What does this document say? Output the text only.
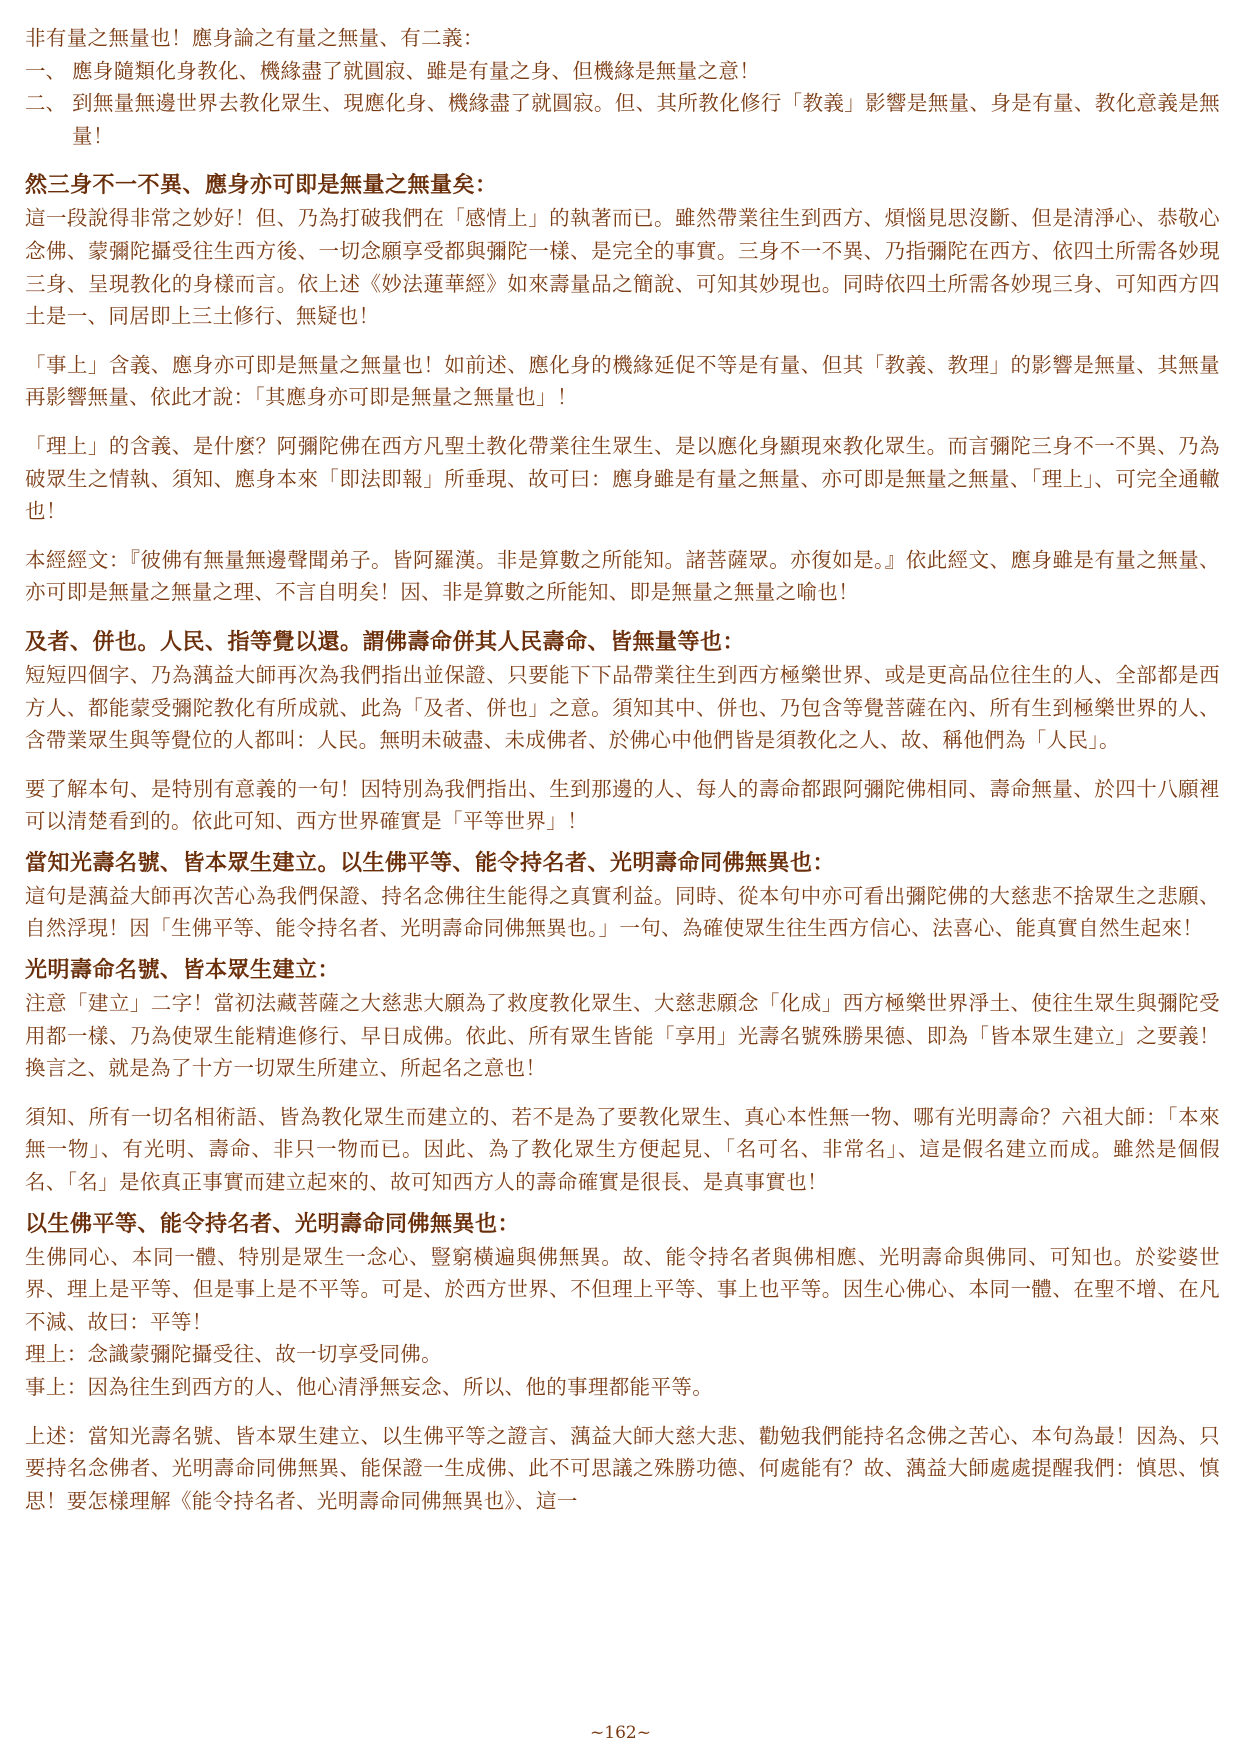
非有量之無量也！應身論之有量之無量、有二義：

一、 應身隨類化身教化、機緣盡了就圓寂、雖是有量之身、但機緣是無量之意！

二、 到無量無邊世界去教化眾生、現應化身、機緣盡了就圓寂。但、其所教化修行「教義」影響是無量、身是有量、教化意義是無量！

然三身不一不異、應身亦可即是無量之無量矣：

這一段說得非常之妙好！但、乃為打破我們在「感情上」的執著而已。雖然帶業往生到西方、煩惱見思沒斷、但是清淨心、恭敬心念佛、蒙彌陀攝受往生西方後、一切念願享受都與彌陀一樣、是完全的事實。三身不一不異、乃指彌陀在西方、依四土所需各妙現三身、呈現教化的身樣而言。依上述《妙法蓮華經》如來壽量品之簡說、可知其妙現也。同時依四土所需各妙現三身、可知西方四土是一、同居即上三土修行、無疑也！

「事上」含義、應身亦可即是無量之無量也！如前述、應化身的機緣延促不等是有量、但其「教義、教理」的影響是無量、其無量再影響無量、依此才說：「其應身亦可即是無量之無量也」！

「理上」的含義、是什麼？阿彌陀佛在西方凡聖土教化帶業往生眾生、是以應化身顯現來教化眾生。而言彌陀三身不一不異、乃為破眾生之情執、須知、應身本來「即法即報」所垂現、故可曰：應身雖是有量之無量、亦可即是無量之無量、「理上」、可完全通轍也！

本經經文：『彼佛有無量無邊聲聞弟子。皆阿羅漢。非是算數之所能知。諸菩薩眾。亦復如是。』依此經文、應身雖是有量之無量、亦可即是無量之無量之理、不言自明矣！因、非是算數之所能知、即是無量之無量之喻也！

及者、併也。人民、指等覺以還。謂佛壽命併其人民壽命、皆無量等也：

短短四個字、乃為蕅益大師再次為我們指出並保證、只要能下下品帶業往生到西方極樂世界、或是更高品位往生的人、全部都是西方人、都能蒙受彌陀教化有所成就、此為「及者、併也」之意。須知其中、併也、乃包含等覺菩薩在內、所有生到極樂世界的人、含帶業眾生與等覺位的人都叫：人民。無明未破盡、未成佛者、於佛心中他們皆是須教化之人、故、稱他們為「人民」。

要了解本句、是特別有意義的一句！因特別為我們指出、生到那邊的人、每人的壽命都跟阿彌陀佛相同、壽命無量、於四十八願裡可以清楚看到的。依此可知、西方世界確實是「平等世界」！

當知光壽名號、皆本眾生建立。以生佛平等、能令持名者、光明壽命同佛無異也：

這句是蕅益大師再次苦心為我們保證、持名念佛往生能得之真實利益。同時、從本句中亦可看出彌陀佛的大慈悲不捨眾生之悲願、自然浮現！因「生佛平等、能令持名者、光明壽命同佛無異也。」一句、為確使眾生往生西方信心、法喜心、能真實自然生起來！

光明壽命名號、皆本眾生建立：

注意「建立」二字！當初法藏菩薩之大慈悲大願為了救度教化眾生、大慈悲願念「化成」西方極樂世界淨土、使往生眾生與彌陀受用都一樣、乃為使眾生能精進修行、早日成佛。依此、所有眾生皆能「享用」光壽名號殊勝果德、即為「皆本眾生建立」之要義！換言之、就是為了十方一切眾生所建立、所起名之意也！

須知、所有一切名相術語、皆為教化眾生而建立的、若不是為了要教化眾生、真心本性無一物、哪有光明壽命？六祖大師：「本來無一物」、有光明、壽命、非只一物而已。因此、為了教化眾生方便起見、「名可名、非常名」、這是假名建立而成。雖然是個假名、「名」是依真正事實而建立起來的、故可知西方人的壽命確實是很長、是真事實也！

以生佛平等、能令持名者、光明壽命同佛無異也：

生佛同心、本同一體、特別是眾生一念心、豎窮橫遍與佛無異。故、能令持名者與佛相應、光明壽命與佛同、可知也。於娑婆世界、理上是平等、但是事上是不平等。可是、於西方世界、不但理上平等、事上也平等。因生心佛心、本同一體、在聖不增、在凡不減、故曰：平等！

理上：念識蒙彌陀攝受往、故一切享受同佛。

事上：因為往生到西方的人、他心清淨無妄念、所以、他的事理都能平等。

上述：當知光壽名號、皆本眾生建立、以生佛平等之證言、蕅益大師大慈大悲、勸勉我們能持名念佛之苦心、本句為最！因為、只要持名念佛者、光明壽命同佛無異、能保證一生成佛、此不可思議之殊勝功德、何處能有？故、蕅益大師處處提醒我們：慎思、慎思！要怎樣理解《能令持名者、光明壽命同佛無異也》、這一

~162~
